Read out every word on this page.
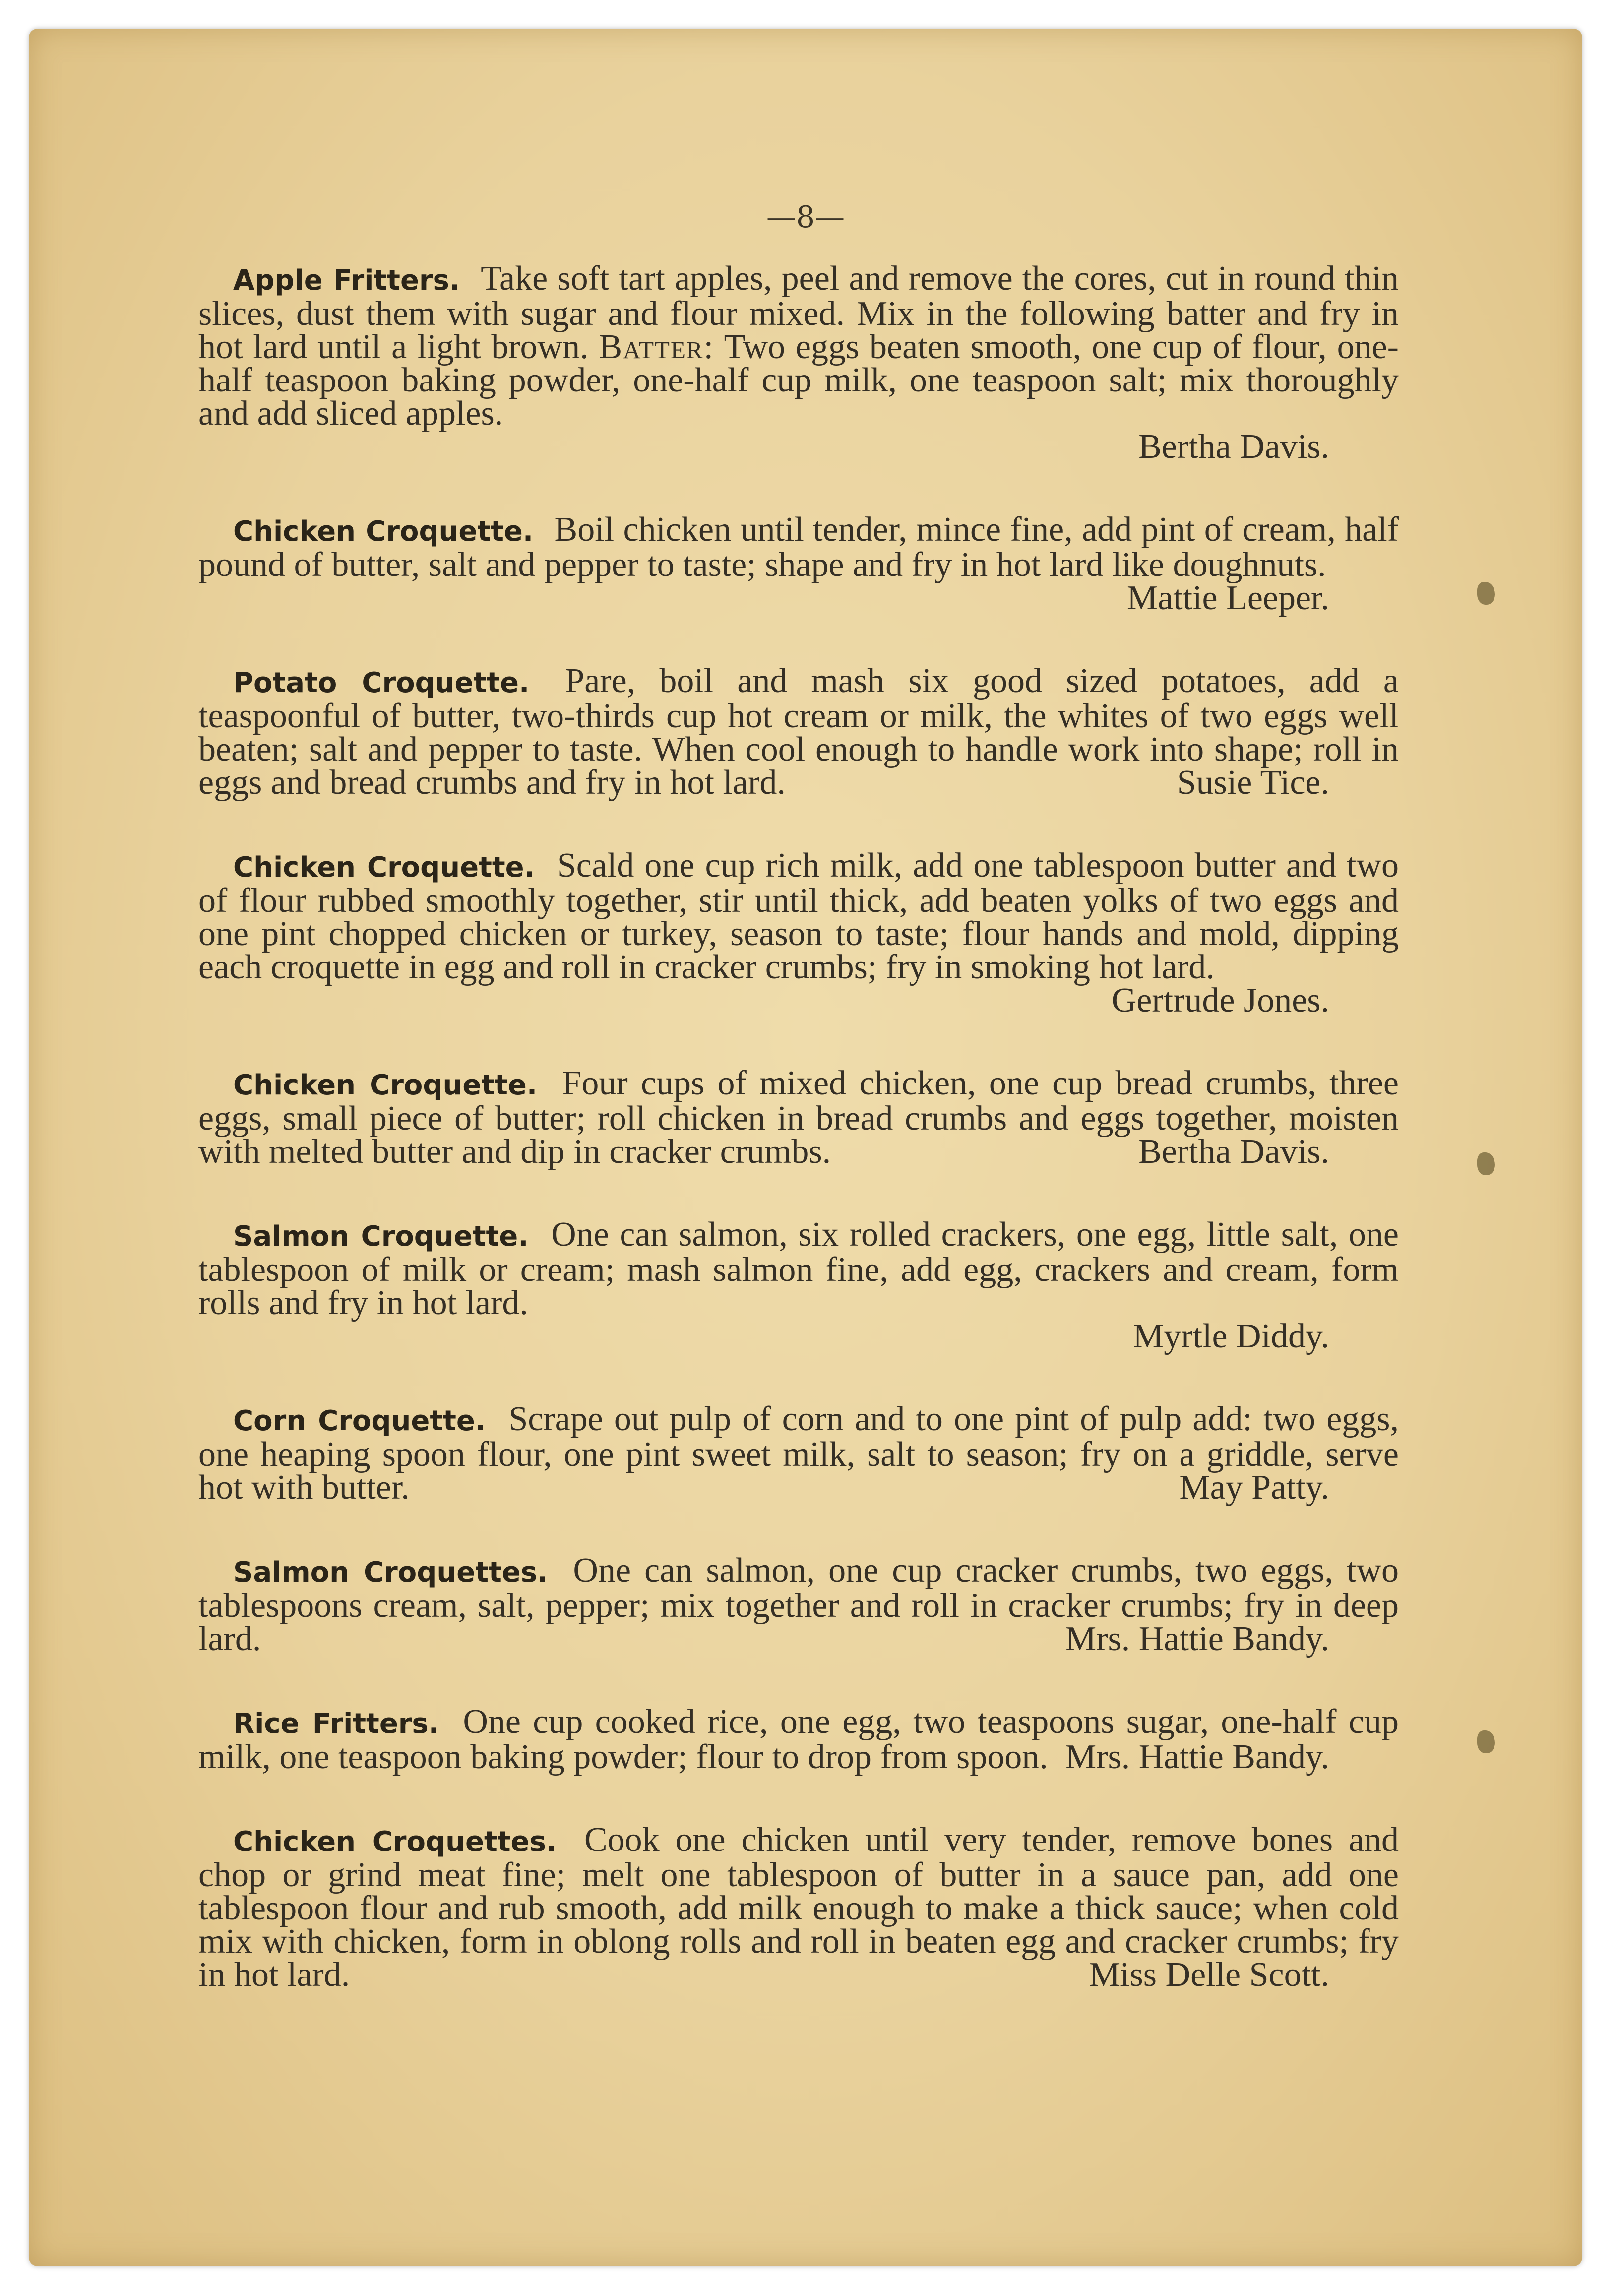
—8—
Apple Fritters. Take soft tart apples, peel and remove the cores, cut in round thin slices, dust them with sugar and flour mixed. Mix in the following batter and fry in hot lard until a light brown. Batter: Two eggs beaten smooth, one cup of flour, one-half teaspoon baking powder, one-half cup milk, one teaspoon salt; mix thoroughly and add sliced apples.
Bertha Davis.
Chicken Croquette. Boil chicken until tender, mince fine, add pint of cream, half pound of butter, salt and pepper to taste; shape and fry in hot lard like doughnuts.
Mattie Leeper.
Potato Croquette. Pare, boil and mash six good sized potatoes, add a teaspoonful of butter, two-thirds cup hot cream or milk, the whites of two eggs well beaten; salt and pepper to taste. When cool enough to handle work into shape; roll in eggs and bread crumbs and fry in hot lard.	Susie Tice.
Chicken Croquette. Scald one cup rich milk, add one tablespoon butter and two of flour rubbed smoothly together, stir until thick, add beaten yolks of two eggs and one pint chopped chicken or turkey, season to taste; flour hands and mold, dipping each croquette in egg and roll in cracker crumbs; fry in smoking hot lard.
Gertrude Jones.
Chicken Croquette. Four cups of mixed chicken, one cup bread crumbs, three eggs, small piece of butter; roll chicken in bread crumbs and eggs together, moisten with melted butter and dip in cracker crumbs.	Bertha Davis.
Salmon Croquette. One can salmon, six rolled crackers, one egg, little salt, one tablespoon of milk or cream; mash salmon fine, add egg, crackers and cream, form rolls and fry in hot lard.
Myrtle Diddy.
Corn Croquette. Scrape out pulp of corn and to one pint of pulp add: two eggs, one heaping spoon flour, one pint sweet milk, salt to season; fry on a griddle, serve hot with butter.	May Patty.
Salmon Croquettes. One can salmon, one cup cracker crumbs, two eggs, two tablespoons cream, salt, pepper; mix together and roll in cracker crumbs; fry in deep lard.	Mrs. Hattie Bandy.
Rice Fritters. One cup cooked rice, one egg, two teaspoons sugar, one-half cup milk, one teaspoon baking powder; flour to drop from spoon. Mrs. Hattie Bandy.
Chicken Croquettes. Cook one chicken until very tender, remove bones and chop or grind meat fine; melt one tablespoon of butter in a sauce pan, add one tablespoon flour and rub smooth, add milk enough to make a thick sauce; when cold mix with chicken, form in oblong rolls and roll in beaten egg and cracker crumbs; fry in hot lard.	Miss Delle Scott.
